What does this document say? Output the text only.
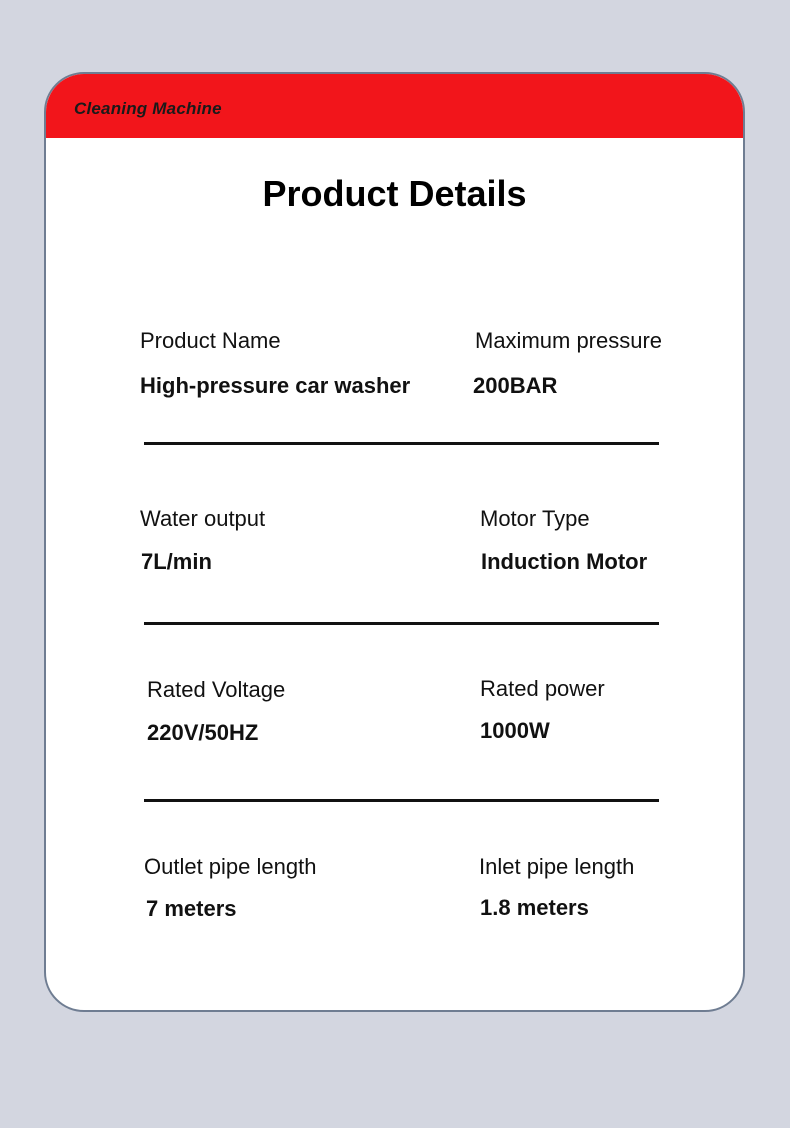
Cleaning Machine
Product Details
Product Name
High-pressure car washer
Maximum pressure
200BAR
Water output
7L/min
Motor Type
Induction Motor
Rated Voltage
220V/50HZ
Rated power
1000W
Outlet pipe length
7 meters
Inlet pipe length
1.8 meters
